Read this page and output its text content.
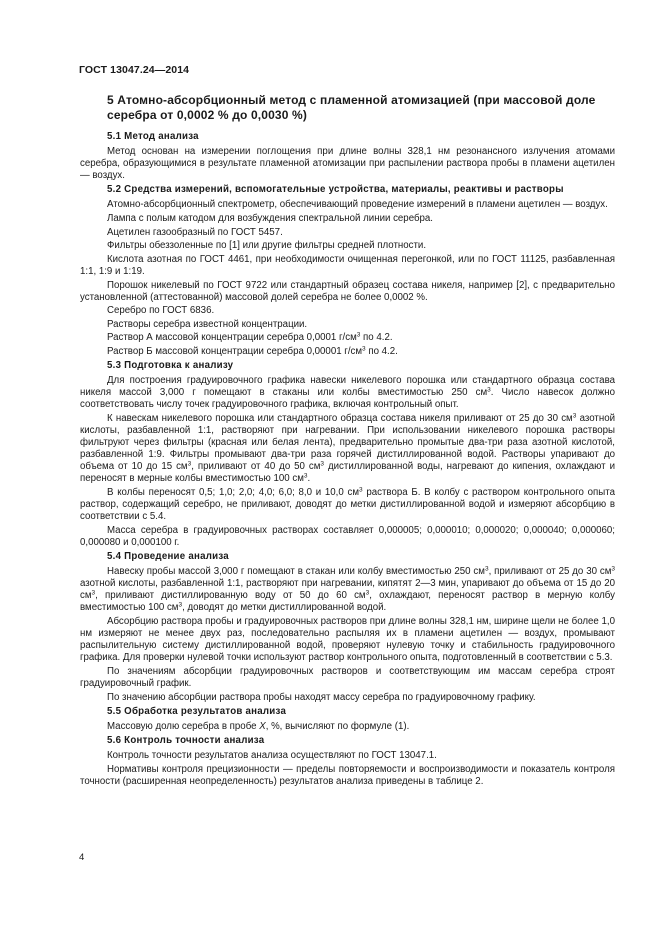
ГОСТ 13047.24—2014
5 Атомно-абсорбционный метод с пламенной атомизацией (при массовой доле серебра от 0,0002 % до 0,0030 %)
5.1 Метод анализа

Метод основан на измерении поглощения при длине волны 328,1 нм резонансного излучения атомами серебра, образующимися в результате пламенной атомизации при распылении раствора пробы в пламени ацетилен — воздух.

5.2 Средства измерений, вспомогательные устройства, материалы, реактивы и растворы

Атомно-абсорбционный спектрометр, обеспечивающий проведение измерений в пламени ацетилен — воздух.

Лампа с полым катодом для возбуждения спектральной линии серебра.

Ацетилен газообразный по ГОСТ 5457.

Фильтры обеззоленные по [1] или другие фильтры средней плотности.

Кислота азотная по ГОСТ 4461, при необходимости очищенная перегонкой, или по ГОСТ 11125, разбавленная 1:1, 1:9 и 1:19.

Порошок никелевый по ГОСТ 9722 или стандартный образец состава никеля, например [2], с предварительно установленной (аттестованной) массовой долей серебра не более 0,0002 %.

Серебро по ГОСТ 6836.

Растворы серебра известной концентрации.

Раствор А массовой концентрации серебра 0,0001 $г/см^3$ по 4.2.

Раствор Б массовой концентрации серебра 0,00001 $г/см^3$ по 4.2.

5.3 Подготовка к анализу

Для построения градуировочного графика навески никелевого порошка или стандартного образца состава никеля массой 3,000 г помещают в стаканы или колбы вместимостью 250 $см^3$. Число навесок должно соответствовать числу точек градуировочного графика, включая контрольный опыт.

К навескам никелевого порошка или стандартного образца состава никеля приливают от 25 до 30 $см^3$ азотной кислоты, разбавленной 1:1, растворяют при нагревании. При использовании никелевого порошка растворы фильтруют через фильтры (красная или белая лента), предварительно промытые два-три раза азотной кислотой, разбавленной 1:9. Фильтры промывают два-три раза горячей дистиллированной водой. Растворы упаривают до объема от 10 до 15 $см^3$, приливают от 40 до 50 $см^3$ дистиллированной воды, нагревают до кипения, охлаждают и переносят в мерные колбы вместимостью 100 $см^3$.

В колбы переносят 0,5; 1,0; 2,0; 4,0; 6,0; 8,0 и 10,0 $см^3$ раствора Б. В колбу с раствором контрольного опыта раствор, содержащий серебро, не приливают, доводят до метки дистиллированной водой и измеряют абсорбцию в соответствии с 5.4.

Масса серебра в градуировочных растворах составляет 0,000005; 0,000010; 0,000020; 0,000040; 0,000060; 0,000080 и 0,000100 г.

5.4 Проведение анализа

Навеску пробы массой 3,000 г помещают в стакан или колбу вместимостью 250 $см^3$, приливают от 25 до 30 $см^3$ азотной кислоты, разбавленной 1:1, растворяют при нагревании, кипятят 2—3 мин, упаривают до объема от 15 до 20 $см^3$, приливают дистиллированную воду от 50 до 60 $см^3$, охлаждают, переносят раствор в мерную колбу вместимостью 100 $см^3$, доводят до метки дистиллированной водой.

Абсорбцию раствора пробы и градуировочных растворов при длине волны 328,1 нм, ширине щели не более 1,0 нм измеряют не менее двух раз, последовательно распыляя их в пламени ацетилен — воздух, промывают распылительную систему дистиллированной водой, проверяют нулевую точку и стабильность градуировочного графика. Для проверки нулевой точки используют раствор контрольного опыта, подготовленный в соответствии с 5.3.

По значениям абсорбции градуировочных растворов и соответствующим им массам серебра строят градуировочный график.

По значению абсорбции раствора пробы находят массу серебра по градуировочному графику.

5.5 Обработка результатов анализа

Массовую долю серебра в пробе X, %, вычисляют по формуле (1).

5.6 Контроль точности анализа

Контроль точности результатов анализа осуществляют по ГОСТ 13047.1.

Нормативы контроля прецизионности — пределы повторяемости и воспроизводимости и показатель контроля точности (расширенная неопределенность) результатов анализа приведены в таблице 2.

4
